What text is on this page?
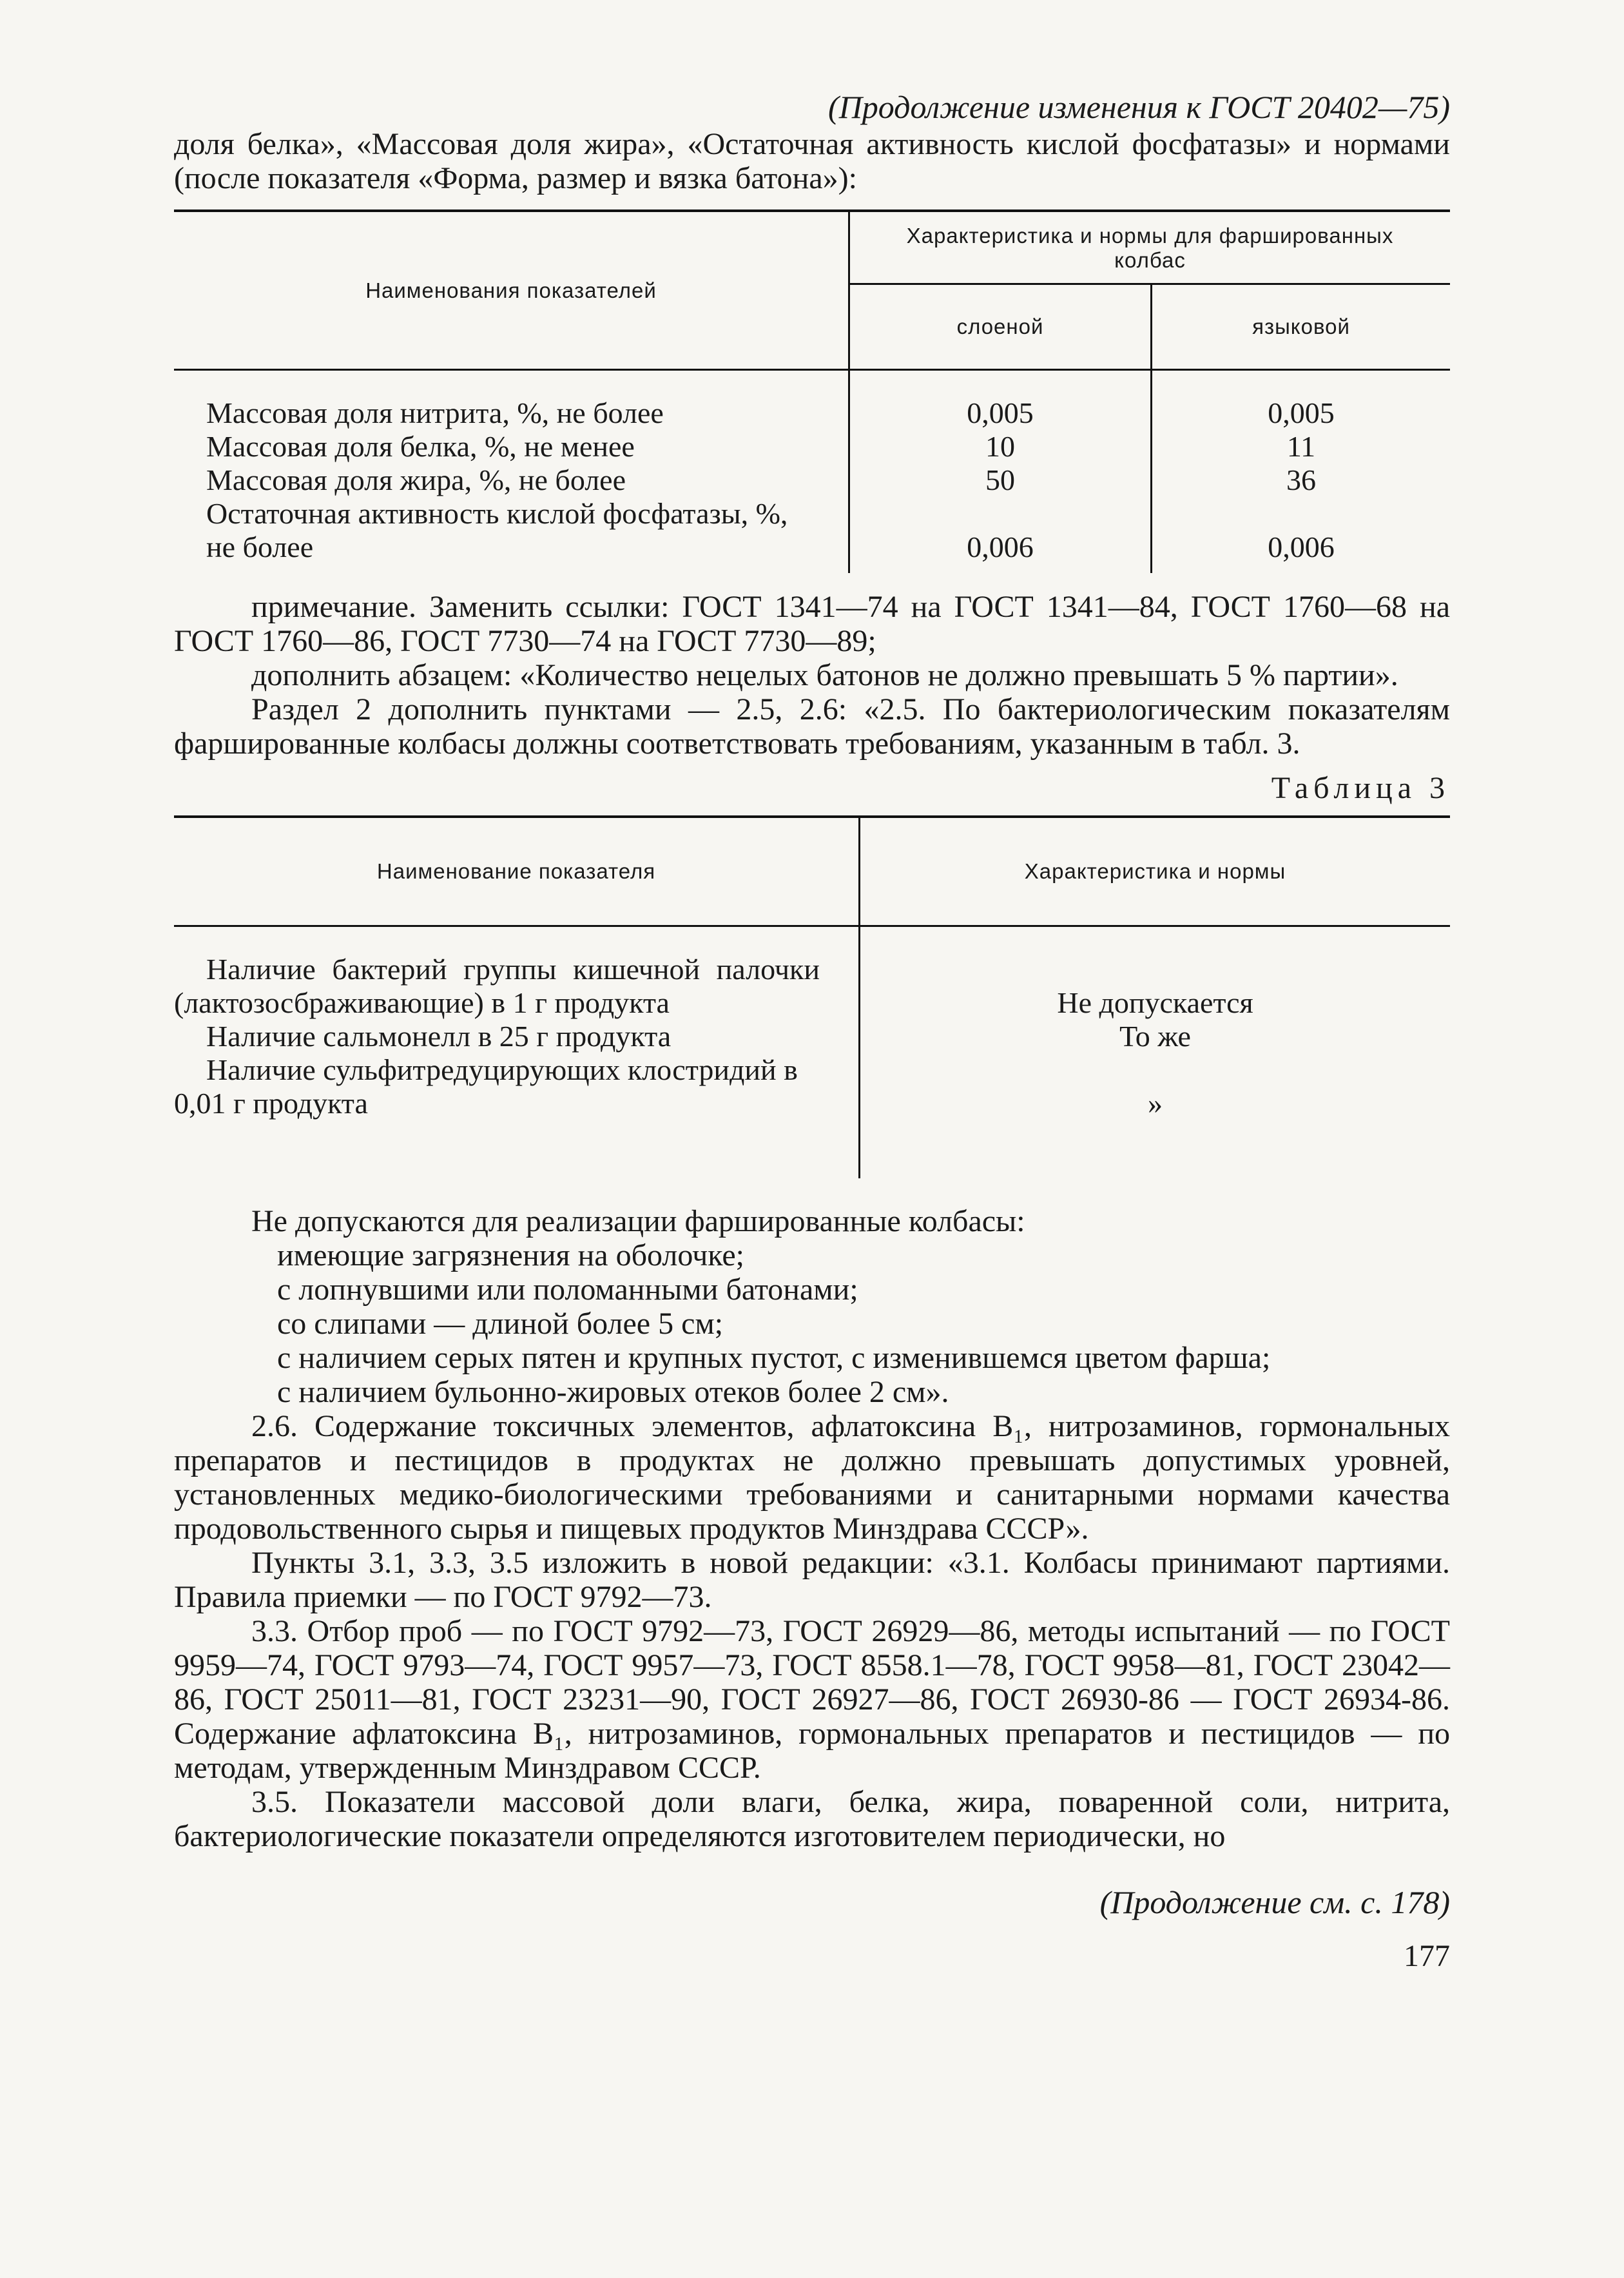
(Продолжение изменения к ГОСТ 20402—75)

доля белка», «Массовая доля жира», «Остаточная активность кислой фосфатазы» и нормами (после показателя «Форма, размер и вязка батона»):

Наименования показателей	Характеристика и нормы для фаршированных колбас	
	слоеной	языковой

Массовая доля нитрита, %, не более	0,005	0,005
Массовая доля белка, %, не менее	10	11
Массовая доля жира, %, не более	50	36
Остаточная активность кислой фосфатазы, %, не более	0,006	0,006

примечание. Заменить ссылки: ГОСТ 1341—74 на ГОСТ 1341—84, ГОСТ 1760—68 на ГОСТ 1760—86, ГОСТ 7730—74 на ГОСТ 7730—89;

дополнить абзацем: «Количество нецелых батонов не должно превышать 5 % партии».

Раздел 2 дополнить пунктами — 2.5, 2.6: «2.5. По бактериологическим показателям фаршированные колбасы должны соответствовать требованиям, указанным в табл. 3.

Таблица 3

Наименование показателя	Характеристика и нормы

Наличие бактерий группы кишечной палочки (лактозосбраживающие) в 1 г продукта	Не допускается
Наличие сальмонелл в 25 г продукта	То же
Наличие сульфитредуцирующих клостридий в 0,01 г продукта	»

Не допускаются для реализации фаршированные колбасы:

имеющие загрязнения на оболочке;
с лопнувшими или поломанными батонами;
со слипами — длиной более 5 см;
с наличием серых пятен и крупных пустот, с изменившемся цветом фарша;
с наличием бульонно-жировых отеков более 2 см».

2.6. Содержание токсичных элементов, афлатоксина B₁, нитрозаминов, гормональных препаратов и пестицидов в продуктах не должно превышать допустимых уровней, установленных медико-биологическими требованиями и санитарными нормами качества продовольственного сырья и пищевых продуктов Минздрава СССР».

Пункты 3.1, 3.3, 3.5 изложить в новой редакции: «3.1. Колбасы принимают партиями. Правила приемки — по ГОСТ 9792—73.

3.3. Отбор проб — по ГОСТ 9792—73, ГОСТ 26929—86, методы испытаний — по ГОСТ 9959—74, ГОСТ 9793—74, ГОСТ 9957—73, ГОСТ 8558.1—78, ГОСТ 9958—81, ГОСТ 23042—86, ГОСТ 25011—81, ГОСТ 23231—90, ГОСТ 26927—86, ГОСТ 26930-86 — ГОСТ 26934-86. Содержание афлатоксина B₁, нитрозаминов, гормональных препаратов и пестицидов — по методам, утвержденным Минздравом СССР.

3.5. Показатели массовой доли влаги, белка, жира, поваренной соли, нитрита, бактериологические показатели определяются изготовителем периодически, но

(Продолжение см. с. 178)

177
